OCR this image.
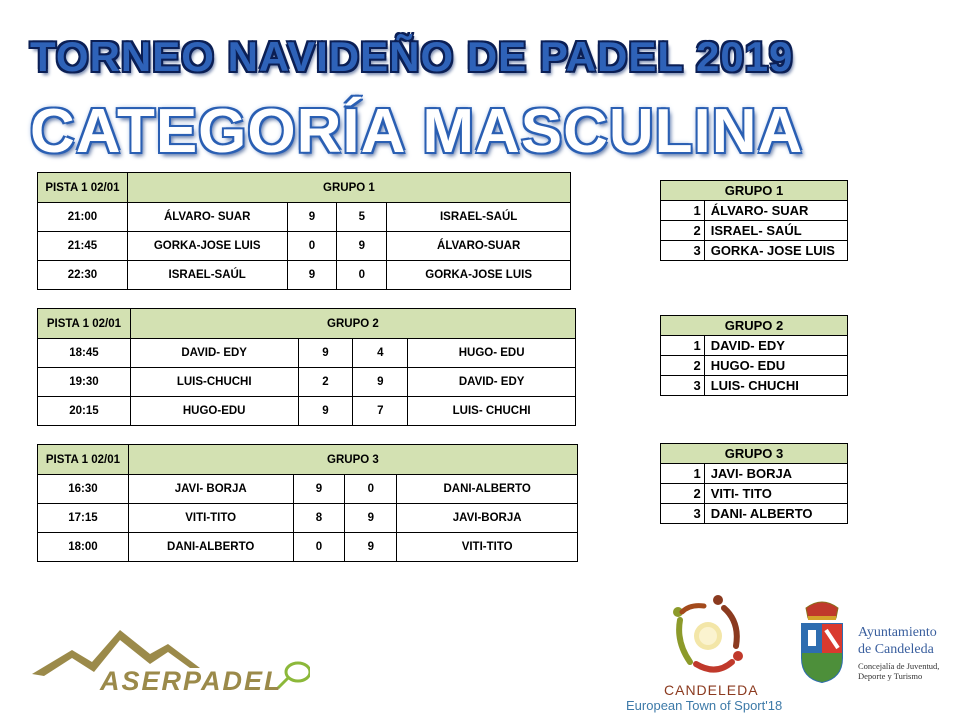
TORNEO NAVIDEÑO DE PADEL 2019
CATEGORÍA MASCULINA
PISTA 1 02/01	GRUPO 1			
21:00	ÁLVARO- SUAR	9	5	ISRAEL-SAÚL
21:45	GORKA-JOSE LUIS	0	9	ÁLVARO-SUAR
22:30	ISRAEL-SAÚL	9	0	GORKA-JOSE LUIS
PISTA 1 02/01	GRUPO 2			
18:45	DAVID- EDY	9	4	HUGO- EDU
19:30	LUIS-CHUCHI	2	9	DAVID- EDY
20:15	HUGO-EDU	9	7	LUIS- CHUCHI
PISTA 1 02/01	GRUPO 3			
16:30	JAVI- BORJA	9	0	DANI-ALBERTO
17:15	VITI-TITO	8	9	JAVI-BORJA
18:00	DANI-ALBERTO	0	9	VITI-TITO
GRUPO 1	
1	ÁLVARO- SUAR
2	ISRAEL- SAÚL
3	GORKA- JOSE LUIS
GRUPO 2	
1	DAVID- EDY
2	HUGO- EDU
3	LUIS- CHUCHI
GRUPO 3	
1	JAVI- BORJA
2	VITI- TITO
3	DANI- ALBERTO
ASERPADEL	CANDELEDA
European Town of Sport'18
Ayuntamiento
de Candeleda
Concejalía de Juventud,
Deporte y Turismo
